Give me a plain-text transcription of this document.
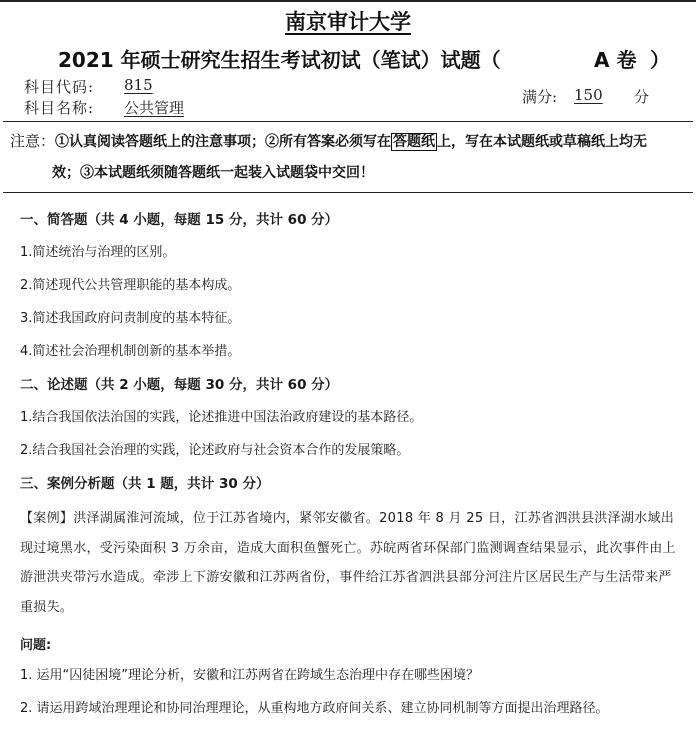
南京审计大学
2021 年硕士研究生招生考试初试（笔试）试题（	A 卷 ）
科目代码: 815
科目名称: 公共管理
满分: 150 分
注意：①认真阅读答题纸上的注意事项；②所有答案必须写在 答题纸 上，写在本试题纸或草稿纸上均无
效；③本试题纸须随答题纸一起装入试题袋中交回！
一、简答题（共 4 小题，每题 15 分，共计 60 分）
1.简述统治与治理的区别。
2.简述现代公共管理职能的基本构成。
3.简述我国政府问责制度的基本特征。
4.简述社会治理机制创新的基本举措。
二、论述题（共 2 小题，每题 30 分，共计 60 分）
1.结合我国依法治国的实践，论述推进中国法治政府建设的基本路径。
2.结合我国社会治理的实践，论述政府与社会资本合作的发展策略。
三、案例分析题（共 1 题，共计 30 分）
【案例】洪泽湖属淮河流域，位于江苏省境内，紧邻安徽省。2018 年 8 月 25 日，江苏省泗洪县洪泽湖水域出现过境黑水，受污染面积 3 万余亩，造成大面积鱼蟹死亡。苏皖两省环保部门监测调查结果显示，此次事件由上游泄洪夹带污水造成。牵涉上下游安徽和江苏两省份，事件给江苏省泗洪县部分河注片区居民生产与生活带来严重损失。
问题:
1. 运用“囚徒困境”理论分析，安徽和江苏两省在跨域生态治理中存在哪些困境？
2. 请运用跨域治理理论和协同治理理论，从重构地方政府间关系、建立协同机制等方面提出治理路径。
